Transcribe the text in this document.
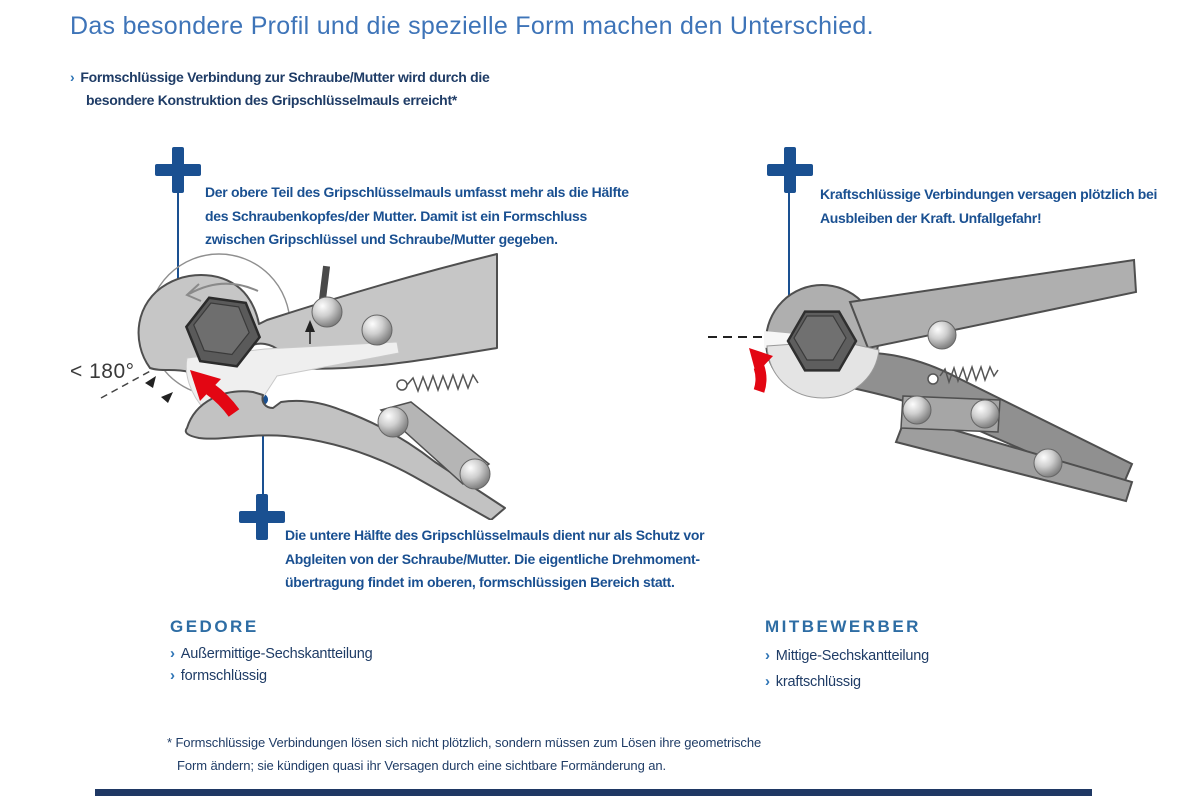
Das besondere Profil und die spezielle Form machen den Unterschied.
› Formschlüssige Verbindung zur Schraube/Mutter wird durch die
besondere Konstruktion des Gripschlüsselmauls erreicht*
Der obere Teil des Gripschlüsselmauls umfasst mehr als die Hälfte
des Schraubenkopfes/der Mutter. Damit ist ein Formschluss
zwischen Gripschlüssel und Schraube/Mutter gegeben.
Kraftschlüssige Verbindungen versagen plötzlich bei
Ausbleiben der Kraft. Unfallgefahr!
Die untere Hälfte des Gripschlüsselmauls dient nur als Schutz vor
Abgleiten von der Schraube/Mutter. Die eigentliche Drehmoment-
übertragung findet im oberen, formschlüssigen Bereich statt.
< 180°
GEDORE
› Außermittige-Sechskantteilung
› formschlüssig
MITBEWERBER
› Mittige-Sechskantteilung
› kraftschlüssig
* Formschlüssige Verbindungen lösen sich nicht plötzlich, sondern müssen zum Lösen ihre geometrische
Form ändern; sie kündigen quasi ihr Versagen durch eine sichtbare Formänderung an.
